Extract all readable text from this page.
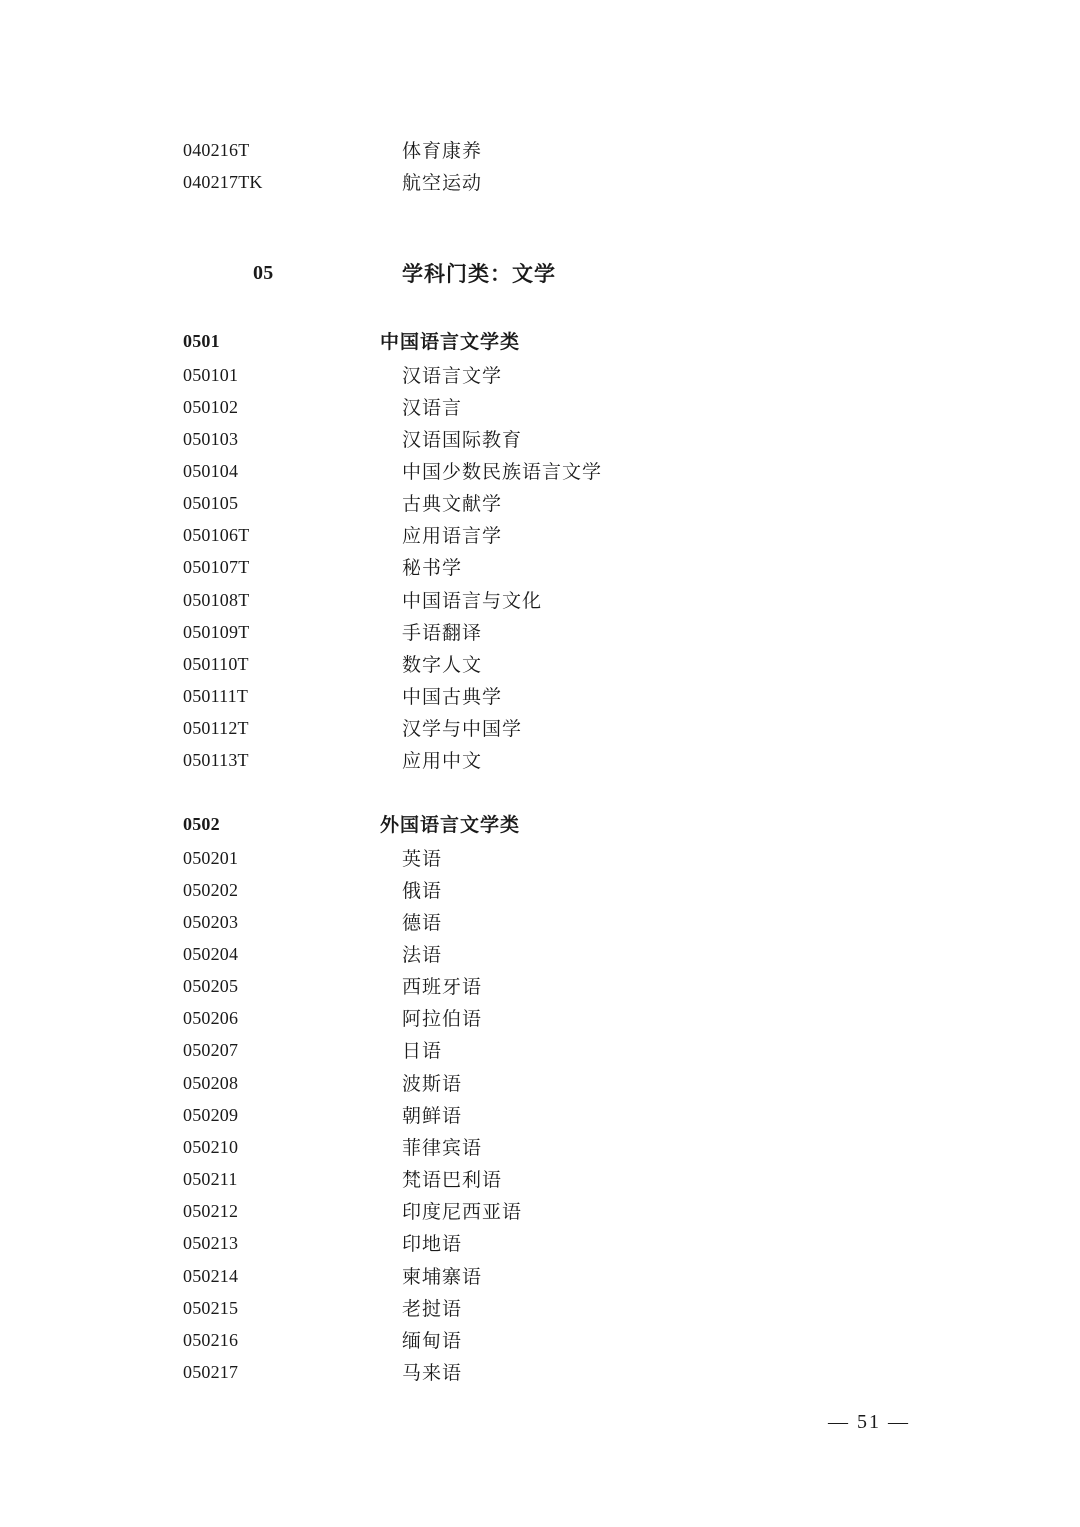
040216T	体育康养
040217TK	航空运动
05	学科门类：文学
0501	中国语言文学类
050101	汉语言文学
050102	汉语言
050103	汉语国际教育
050104	中国少数民族语言文学
050105	古典文献学
050106T	应用语言学
050107T	秘书学
050108T	中国语言与文化
050109T	手语翻译
050110T	数字人文
050111T	中国古典学
050112T	汉学与中国学
050113T	应用中文
0502	外国语言文学类
050201	英语
050202	俄语
050203	德语
050204	法语
050205	西班牙语
050206	阿拉伯语
050207	日语
050208	波斯语
050209	朝鲜语
050210	菲律宾语
050211	梵语巴利语
050212	印度尼西亚语
050213	印地语
050214	柬埔寨语
050215	老挝语
050216	缅甸语
050217	马来语
— 51 —
